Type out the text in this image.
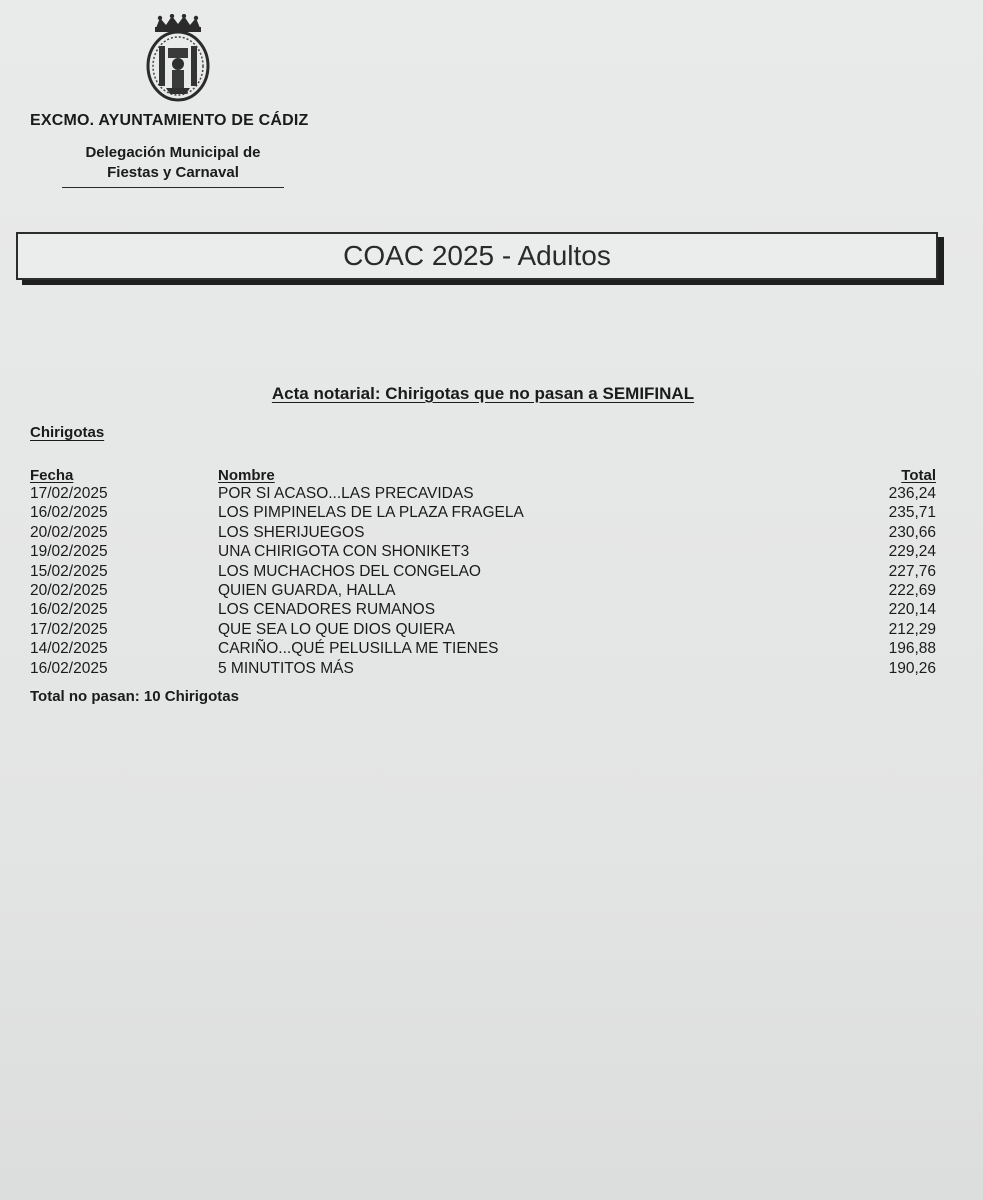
EXCMO. AYUNTAMIENTO DE CÁDIZ
Delegación Municipal de
Fiestas y Carnaval
COAC 2025 - Adultos
Acta notarial: Chirigotas que no pasan a SEMIFINAL
Chirigotas
Fecha	Nombre	Total
17/02/2025	POR SI ACASO...LAS PRECAVIDAS	236,24
16/02/2025	LOS PIMPINELAS DE LA PLAZA FRAGELA	235,71
20/02/2025	LOS SHERIJUEGOS	230,66
19/02/2025	UNA CHIRIGOTA CON SHONIKET3	229,24
15/02/2025	LOS MUCHACHOS DEL CONGELAO	227,76
20/02/2025	QUIEN GUARDA, HALLA	222,69
16/02/2025	LOS CENADORES RUMANOS	220,14
17/02/2025	QUE SEA LO QUE DIOS QUIERA	212,29
14/02/2025	CARIÑO...QUÉ PELUSILLA ME TIENES	196,88
16/02/2025	5 MINUTITOS MÁS	190,26
Total no pasan: 10 Chirigotas
